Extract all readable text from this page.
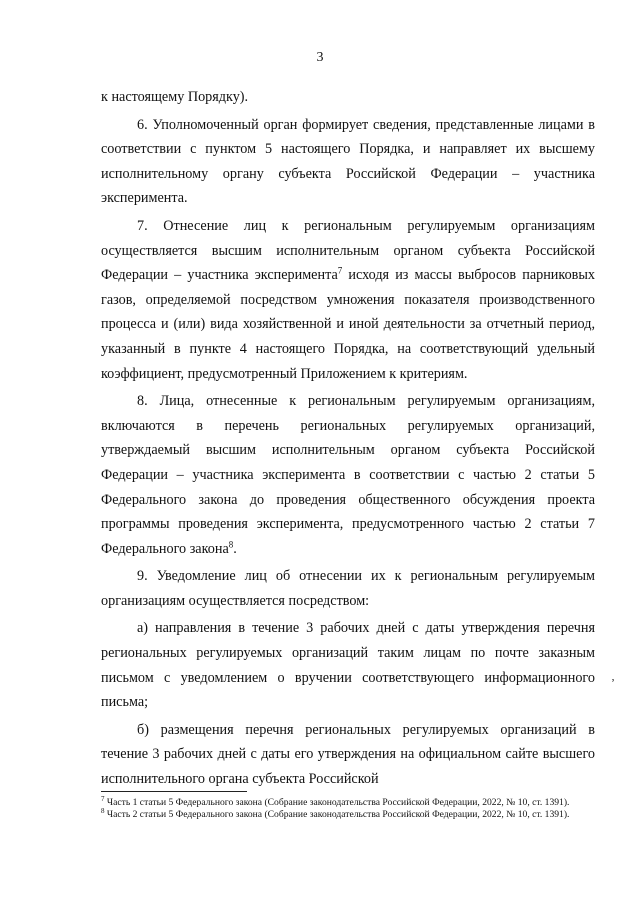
3

к настоящему Порядку).

6. Уполномоченный орган формирует сведения, представленные лицами в соответствии с пунктом 5 настоящего Порядка, и направляет их высшему исполнительному органу субъекта Российской Федерации – участника эксперимента.

7. Отнесение лиц к региональным регулируемым организациям осуществляется высшим исполнительным органом субъекта Российской Федерации – участника эксперимента$^7$ исходя из массы выбросов парниковых газов, определяемой посредством умножения показателя производственного процесса и (или) вида хозяйственной и иной деятельности за отчетный период, указанный в пункте 4 настоящего Порядка, на соответствующий удельный коэффициент, предусмотренный Приложением к критериям.

8. Лица, отнесенные к региональным регулируемым организациям, включаются в перечень региональных регулируемых организаций, утверждаемый высшим исполнительным органом субъекта Российской Федерации – участника эксперимента в соответствии с частью 2 статьи 5 Федерального закона до проведения общественного обсуждения проекта программы проведения эксперимента, предусмотренного частью 2 статьи 7 Федерального закона$^8$.

9. Уведомление лиц об отнесении их к региональным регулируемым организациям осуществляется посредством:

а) направления в течение 3 рабочих дней с даты утверждения перечня региональных регулируемых организаций таким лицам по почте заказным письмом с уведомлением о вручении соответствующего информационного письма;

б) размещения перечня региональных регулируемых организаций в течение 3 рабочих дней с даты его утверждения на официальном сайте высшего исполнительного органа субъекта Российской

$^7$ Часть 1 статьи 5 Федерального закона (Собрание законодательства Российской Федерации, 2022, № 10, ст. 1391).

$^8$ Часть 2 статьи 5 Федерального закона (Собрание законодательства Российской Федерации, 2022, № 10, ст. 1391).

‚
